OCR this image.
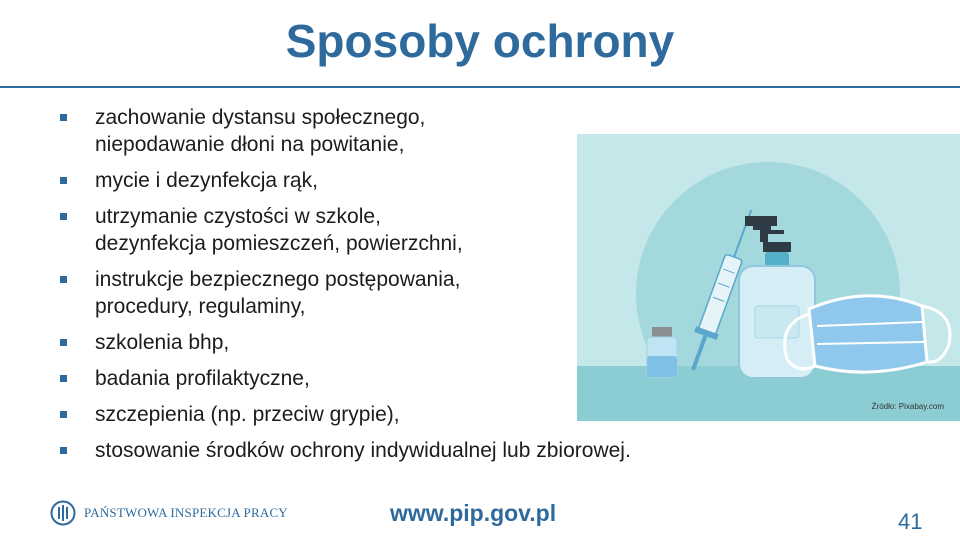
Sposoby ochrony
zachowanie dystansu społecznego,
niepodawanie dłoni na powitanie,
mycie i dezynfekcja rąk,
utrzymanie czystości w szkole,
dezynfekcja pomieszczeń, powierzchni,
instrukcje bezpiecznego postępowania,
procedury, regulaminy,
szkolenia bhp,
badania profilaktyczne,
szczepienia (np. przeciw grypie),
stosowanie środków ochrony indywidualnej lub zbiorowej.
Źródło: Pixabay.com
PAŃSTWOWA INSPEKCJA PRACY	www.pip.gov.pl	41
